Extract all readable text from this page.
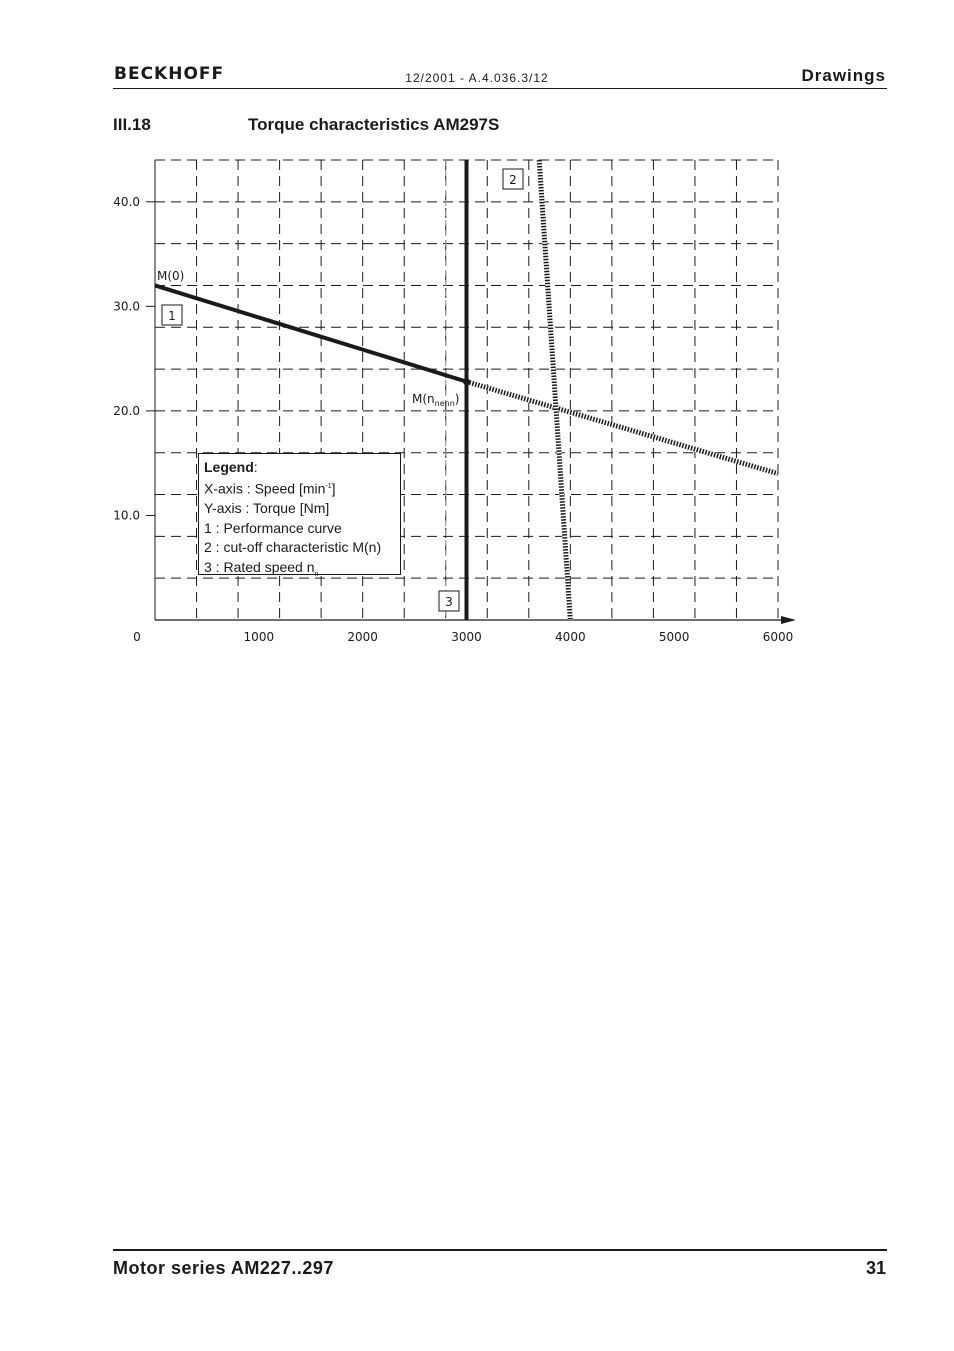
BECKHOFF	12/2001 - A.4.036.3/12	Drawings
III.18	Torque characteristics AM297S
0	1000	2000	3000	4000	5000	6000
10.0
20.0
30.0
40.0
M(0)
$M(n_{nenn})$
1
2
3
Legend:
X-axis : Speed $[\min^{-1}]$
Y-axis : Torque [Nm]
1 : Performance curve
2 : cut-off characteristic M(n)
3 : Rated speed $n_n$
Motor series AM227..297	31
